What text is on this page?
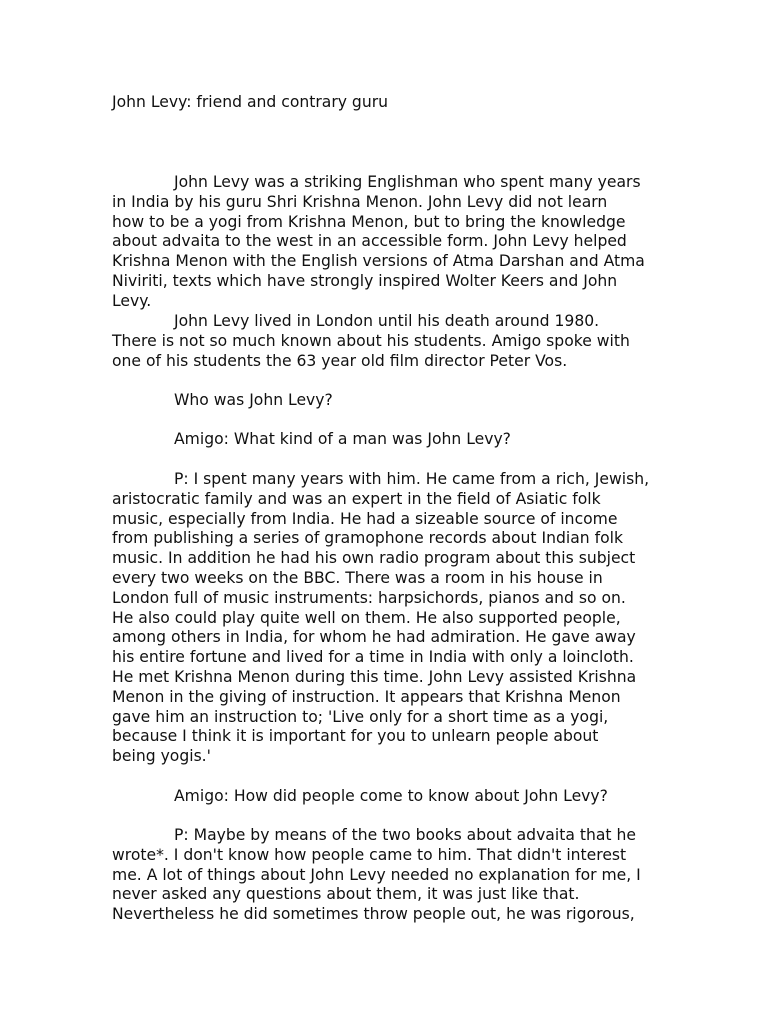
John Levy: friend and contrary guru
John Levy was a striking Englishman who spent many years
in India by his guru Shri Krishna Menon. John Levy did not learn
how to be a yogi from Krishna Menon, but to bring the knowledge
about advaita to the west in an accessible form. John Levy helped
Krishna Menon with the English versions of Atma Darshan and Atma
Niviriti, texts which have strongly inspired Wolter Keers and John
Levy.
John Levy lived in London until his death around 1980.
There is not so much known about his students. Amigo spoke with
one of his students the 63 year old film director Peter Vos.
Who was John Levy?
Amigo: What kind of a man was John Levy?
P: I spent many years with him. He came from a rich, Jewish,
aristocratic family and was an expert in the field of Asiatic folk
music, especially from India. He had a sizeable source of income
from publishing a series of gramophone records about Indian folk
music. In addition he had his own radio program about this subject
every two weeks on the BBC. There was a room in his house in
London full of music instruments: harpsichords, pianos and so on.
He also could play quite well on them. He also supported people,
among others in India, for whom he had admiration. He gave away
his entire fortune and lived for a time in India with only a loincloth.
He met Krishna Menon during this time. John Levy assisted Krishna
Menon in the giving of instruction. It appears that Krishna Menon
gave him an instruction to; 'Live only for a short time as a yogi,
because I think it is important for you to unlearn people about
being yogis.'
Amigo: How did people come to know about John Levy?
P: Maybe by means of the two books about advaita that he
wrote*. I don't know how people came to him. That didn't interest
me. A lot of things about John Levy needed no explanation for me, I
never asked any questions about them, it was just like that.
Nevertheless he did sometimes throw people out, he was rigorous,
